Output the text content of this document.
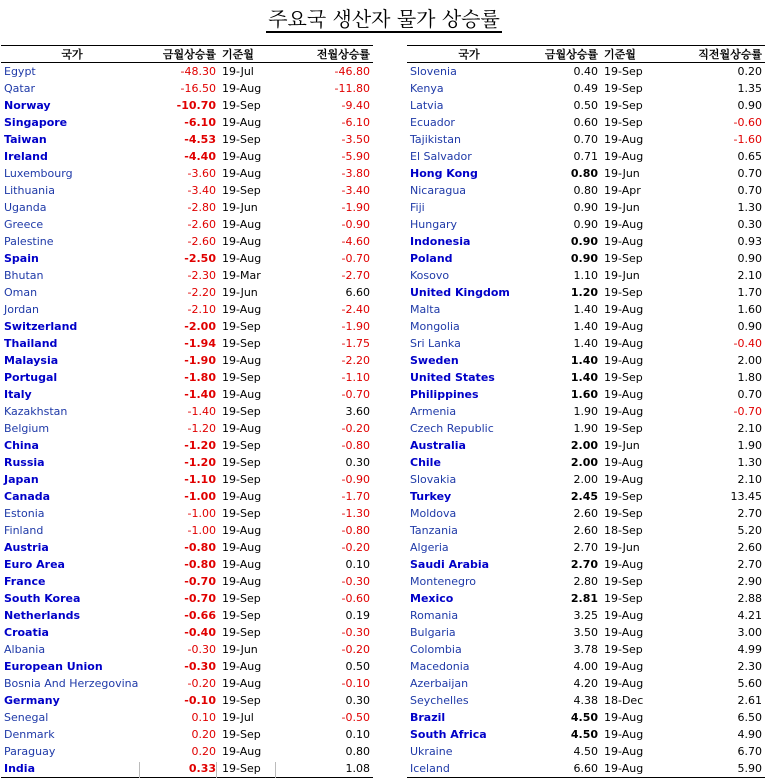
주요국 생산자 물가 상승률
국가	금월상승률	기준월	전월상승률
Egypt	-48.30	19-Jul	-46.80
Qatar	-16.50	19-Aug	-11.80
Norway	-10.70	19-Sep	-9.40
Singapore	-6.10	19-Aug	-6.10
Taiwan	-4.53	19-Sep	-3.50
Ireland	-4.40	19-Aug	-5.90
Luxembourg	-3.60	19-Aug	-3.80
Lithuania	-3.40	19-Sep	-3.40
Uganda	-2.80	19-Jun	-1.90
Greece	-2.60	19-Aug	-0.90
Palestine	-2.60	19-Aug	-4.60
Spain	-2.50	19-Aug	-0.70
Bhutan	-2.30	19-Mar	-2.70
Oman	-2.20	19-Jun	6.60
Jordan	-2.10	19-Aug	-2.40
Switzerland	-2.00	19-Sep	-1.90
Thailand	-1.94	19-Sep	-1.75
Malaysia	-1.90	19-Aug	-2.20
Portugal	-1.80	19-Sep	-1.10
Italy	-1.40	19-Aug	-0.70
Kazakhstan	-1.40	19-Sep	3.60
Belgium	-1.20	19-Aug	-0.20
China	-1.20	19-Sep	-0.80
Russia	-1.20	19-Sep	0.30
Japan	-1.10	19-Sep	-0.90
Canada	-1.00	19-Aug	-1.70
Estonia	-1.00	19-Sep	-1.30
Finland	-1.00	19-Aug	-0.80
Austria	-0.80	19-Aug	-0.20
Euro Area	-0.80	19-Aug	0.10
France	-0.70	19-Aug	-0.30
South Korea	-0.70	19-Sep	-0.60
Netherlands	-0.66	19-Sep	0.19
Croatia	-0.40	19-Sep	-0.30
Albania	-0.30	19-Jun	-0.20
European Union	-0.30	19-Aug	0.50
Bosnia And Herzegovina	-0.20	19-Aug	-0.10
Germany	-0.10	19-Sep	0.30
Senegal	0.10	19-Jul	-0.50
Denmark	0.20	19-Sep	0.10
Paraguay	0.20	19-Aug	0.80
India	0.33	19-Sep	1.08
국가	금월상승률	기준월	직전월상승률
Slovenia	0.40	19-Sep	0.20
Kenya	0.49	19-Sep	1.35
Latvia	0.50	19-Sep	0.90
Ecuador	0.60	19-Sep	-0.60
Tajikistan	0.70	19-Aug	-1.60
El Salvador	0.71	19-Aug	0.65
Hong Kong	0.80	19-Jun	0.70
Nicaragua	0.80	19-Apr	0.70
Fiji	0.90	19-Jun	1.30
Hungary	0.90	19-Aug	0.30
Indonesia	0.90	19-Aug	0.93
Poland	0.90	19-Sep	0.90
Kosovo	1.10	19-Jun	2.10
United Kingdom	1.20	19-Sep	1.70
Malta	1.40	19-Aug	1.60
Mongolia	1.40	19-Aug	0.90
Sri Lanka	1.40	19-Aug	-0.40
Sweden	1.40	19-Aug	2.00
United States	1.40	19-Sep	1.80
Philippines	1.60	19-Aug	0.70
Armenia	1.90	19-Aug	-0.70
Czech Republic	1.90	19-Sep	2.10
Australia	2.00	19-Jun	1.90
Chile	2.00	19-Aug	1.30
Slovakia	2.00	19-Aug	2.10
Turkey	2.45	19-Sep	13.45
Moldova	2.60	19-Sep	2.70
Tanzania	2.60	18-Sep	5.20
Algeria	2.70	19-Jun	2.60
Saudi Arabia	2.70	19-Aug	2.70
Montenegro	2.80	19-Sep	2.90
Mexico	2.81	19-Sep	2.88
Romania	3.25	19-Aug	4.21
Bulgaria	3.50	19-Aug	3.00
Colombia	3.78	19-Sep	4.99
Macedonia	4.00	19-Aug	2.30
Azerbaijan	4.20	19-Aug	5.60
Seychelles	4.38	18-Dec	2.61
Brazil	4.50	19-Aug	6.50
South Africa	4.50	19-Aug	4.90
Ukraine	4.50	19-Aug	6.70
Iceland	6.60	19-Aug	5.90
